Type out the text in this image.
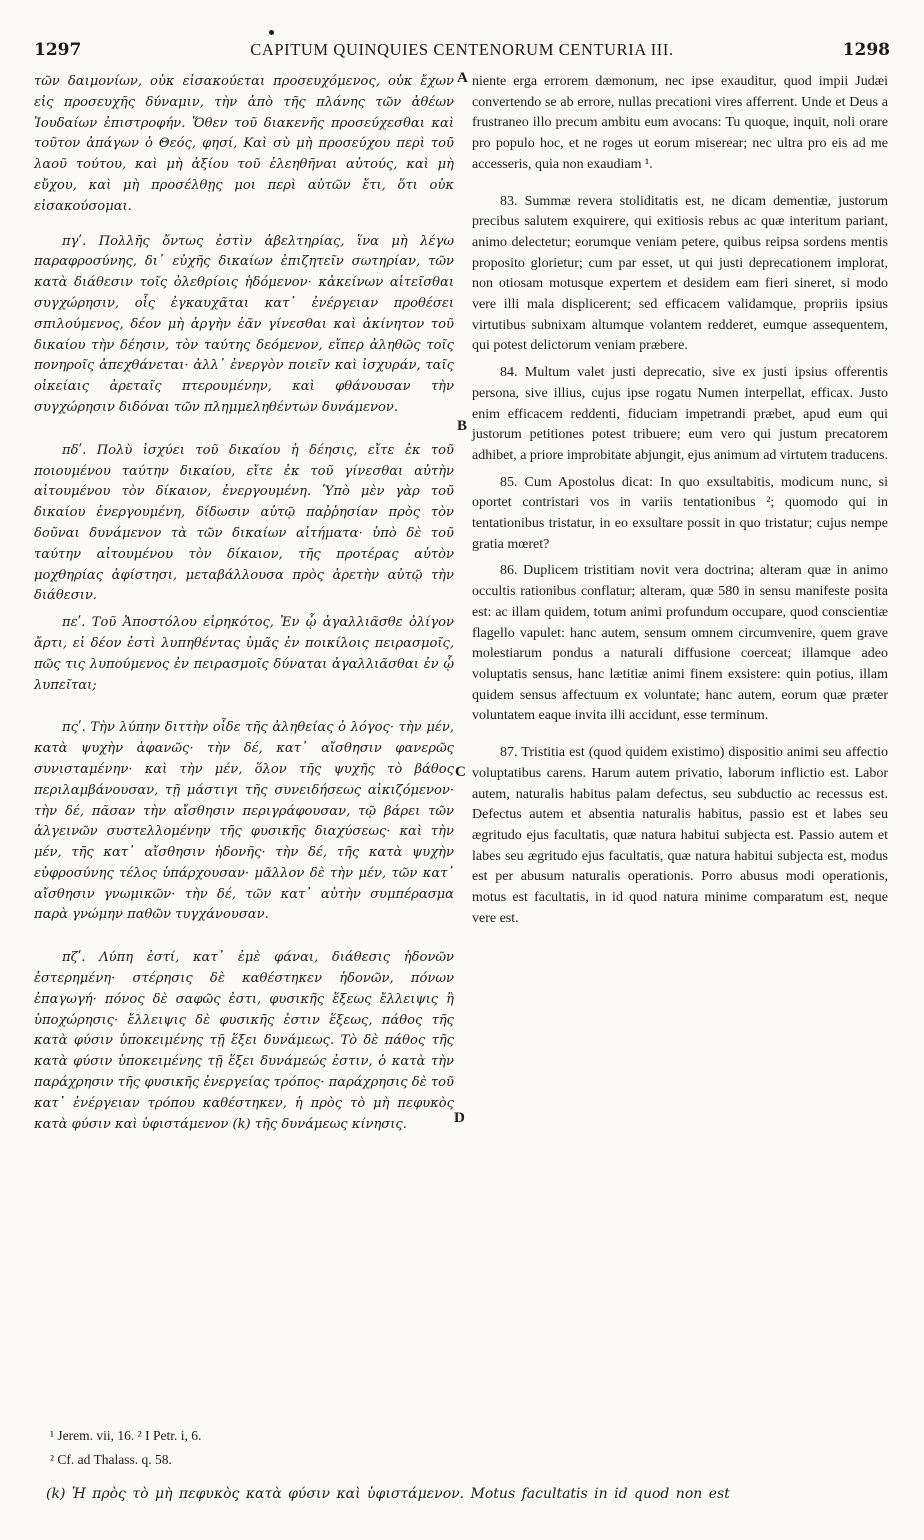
1297	CAPITUM QUINQUIES CENTENORUM CENTURIA III.	1298

τῶν δαιμονίων, οὐκ εἰσακούεται προσευχόμενος, οὐκ ἔχων εἰς προσευχῆς δύναμιν, τὴν ἀπὸ τῆς πλάνης τῶν ἀθέων Ἰουδαίων ἐπιστροφήν. Ὅθεν τοῦ διακενῆς προσεύχεσθαι καὶ τοῦτον ἀπάγων ὁ Θεός, φησί, Καὶ σὺ μὴ προσεύχου περὶ τοῦ λαοῦ τούτου, καὶ μὴ ἀξίου τοῦ ἐλεηθῆναι αὐτούς, καὶ μὴ εὔχου, καὶ μὴ προσέλθῃς μοι περὶ αὐτῶν ἔτι, ὅτι οὐκ εἰσακούσομαι.

πγʹ. Πολλῆς ὄντως ἐστὶν ἀβελτηρίας, ἵνα μὴ λέγω παραφροσύνης, δι᾽ εὐχῆς δικαίων ἐπιζητεῖν σωτηρίαν, τῶν κατὰ διάθεσιν τοῖς ὀλεθρίοις ἡδόμενον· κἀκείνων αἰτεῖσθαι συγχώρησιν, οἷς ἐγκαυχᾶται κατ᾽ ἐνέργειαν προθέσει σπιλούμενος, δέον μὴ ἀργὴν ἐᾶν γίνεσθαι καὶ ἀκίνητον τοῦ δικαίου τὴν δέησιν, τὸν ταύτης δεόμενον, εἴπερ ἀληθῶς τοῖς πονηροῖς ἀπεχθάνεται· ἀλλ᾽ ἐνεργὸν ποιεῖν καὶ ἰσχυράν, ταῖς οἰκείαις ἀρεταῖς πτερουμένην, καὶ φθάνουσαν τὴν συγχώρησιν διδόναι τῶν πλημμεληθέντων δυνάμενον.

πδʹ. Πολὺ ἰσχύει τοῦ δικαίου ἡ δέησις, εἴτε ἐκ τοῦ ποιουμένου ταύτην δικαίου, εἴτε ἐκ τοῦ γίνεσθαι αὐτὴν αἰτουμένου τὸν δίκαιον, ἐνεργουμένη. Ὑπὸ μὲν γὰρ τοῦ δικαίου ἐνεργουμένη, δίδωσιν αὐτῷ παῤῥησίαν πρὸς τὸν δοῦναι δυνάμενον τὰ τῶν δικαίων αἰτήματα· ὑπὸ δὲ τοῦ ταύτην αἰτουμένου τὸν δίκαιον, τῆς προτέρας αὐτὸν μοχθηρίας ἀφίστησι, μεταβάλλουσα πρὸς ἀρετὴν αὐτῷ τὴν διάθεσιν.

πεʹ. Τοῦ Ἀποστόλου εἰρηκότος, Ἐν ᾧ ἀγαλλιᾶσθε ὀλίγον ἄρτι, εἰ δέον ἐστὶ λυπηθέντας ὑμᾶς ἐν ποικίλοις πειρασμοῖς, πῶς τις λυπούμενος ἐν πειρασμοῖς δύναται ἀγαλλιᾶσθαι ἐν ᾧ λυπεῖται;

πςʹ. Τὴν λύπην διττὴν οἶδε τῆς ἀληθείας ὁ λόγος· τὴν μέν, κατὰ ψυχὴν ἀφανῶς· τὴν δέ, κατ᾽ αἴσθησιν φανερῶς συνισταμένην· καὶ τὴν μέν, ὅλον τῆς ψυχῆς τὸ βάθος περιλαμβάνουσαν, τῇ μάστιγι τῆς συνειδήσεως αἰκιζόμενον· τὴν δέ, πᾶσαν τὴν αἴσθησιν περιγράφουσαν, τῷ βάρει τῶν ἀλγεινῶν συστελλομένην τῆς φυσικῆς διαχύσεως· καὶ τὴν μέν, τῆς κατ᾽ αἴσθησιν ἡδονῆς· τὴν δέ, τῆς κατὰ ψυχὴν εὐφροσύνης τέλος ὑπάρχουσαν· μᾶλλον δὲ τὴν μέν, τῶν κατ᾽ αἴσθησιν γνωμικῶν· τὴν δέ, τῶν κατ᾽ αὐτὴν συμπέρασμα παρὰ γνώμην παθῶν τυγχάνουσαν.

πζʹ. Λύπη ἐστί, κατ᾽ ἐμὲ φάναι, διάθεσις ἡδονῶν ἐστερημένη· στέρησις δὲ καθέστηκεν ἡδονῶν, πόνων ἐπαγωγή· πόνος δὲ σαφῶς ἐστι, φυσικῆς ἕξεως ἔλλειψις ἢ ὑποχώρησις· ἔλλειψις δὲ φυσικῆς ἐστιν ἕξεως, πάθος τῆς κατὰ φύσιν ὑποκειμένης τῇ ἕξει δυνάμεως. Τὸ δὲ πάθος τῆς κατὰ φύσιν ὑποκειμένης τῇ ἕξει δυνάμεώς ἐστιν, ὁ κατὰ τὴν παράχρησιν τῆς φυσικῆς ἐνεργείας τρόπος· παράχρησις δὲ τοῦ κατ᾽ ἐνέργειαν τρόπου καθέστηκεν, ἡ πρὸς τὸ μὴ πεφυκὸς κατὰ φύσιν καὶ ὑφιστάμενον (k) τῆς δυνάμεως κίνησις.

niente erga errorem dæmonum, nec ipse exauditur, quod impii Judæi convertendo se ab errore, nullas precationi vires afferrent. Unde et Deus a frustraneo illo precum ambitu eum avocans: Tu quoque, inquit, noli orare pro populo hoc, et ne roges ut eorum miserear; nec ultra pro eis ad me accesseris, quia non exaudiam ¹.

83. Summæ revera stoliditatis est, ne dicam dementiæ, justorum precibus salutem exquirere, qui exitiosis rebus ac quæ interitum pariant, animo delectetur; eorumque veniam petere, quibus reipsa sordens mentis proposito glorietur; cum par esset, ut qui justi deprecationem implorat, non otiosam motusque expertem et desidem eam fieri sineret, si modo vere illi mala displicerent; sed efficacem validamque, propriis ipsius virtutibus subnixam altumque volantem redderet, eumque assequentem, qui potest delictorum veniam præbere.

84. Multum valet justi deprecatio, sive ex justi ipsius offerentis persona, sive illius, cujus ipse rogatu Numen interpellat, efficax. Justo enim efficacem reddenti, fiduciam impetrandi præbet, apud eum qui justorum petitiones potest tribuere; eum vero qui justum precatorem adhibet, a priore improbitate abjungit, ejus animum ad virtutem traducens.

85. Cum Apostolus dicat: In quo exsultabitis, modicum nunc, si oportet contristari vos in variis tentationibus ²; quomodo qui in tentationibus tristatur, in eo exsultare possit in quo tristatur; cujus nempe gratia mœret?

86. Duplicem tristitiam novit vera doctrina; alteram quæ in animo occultis rationibus conflatur; alteram, quæ 580 in sensu manifeste posita est: ac illam quidem, totum animi profundum occupare, quod conscientiæ flagello vapulet: hanc autem, sensum omnem circumvenire, quem grave molestiarum pondus a naturali diffusione coerceat; illamque adeo voluptatis sensus, hanc lætitiæ animi finem exsistere: quin potius, illam quidem sensus affectuum ex voluntate; hanc autem, eorum quæ præter voluntatem eaque invita illi accidunt, esse terminum.

87. Tristitia est (quod quidem existimo) dispositio animi seu affectio voluptatibus carens. Harum autem privatio, laborum inflictio est. Labor autem, naturalis habitus palam defectus, seu subductio ac recessus est. Defectus autem et absentia naturalis habitus, passio est et labes seu ægritudo ejus facultatis, quæ natura habitui subjecta est. Passio autem et labes seu ægritudo ejus facultatis, quæ natura habitui subjecta est, modus est per abusum naturalis operationis. Porro abusus modi operationis, motus est facultatis, in id quod natura minime comparatum est, neque vere est.

A
B
C
D
¹ Jerem. vii, 16. ² I Petr. i, 6.
² Cf. ad Thalass. q. 58.
(k) Ἡ πρὸς τὸ μὴ πεφυκὸς κατὰ φύσιν καὶ ὑφιστάμενον. Motus facultatis in id quod non est
